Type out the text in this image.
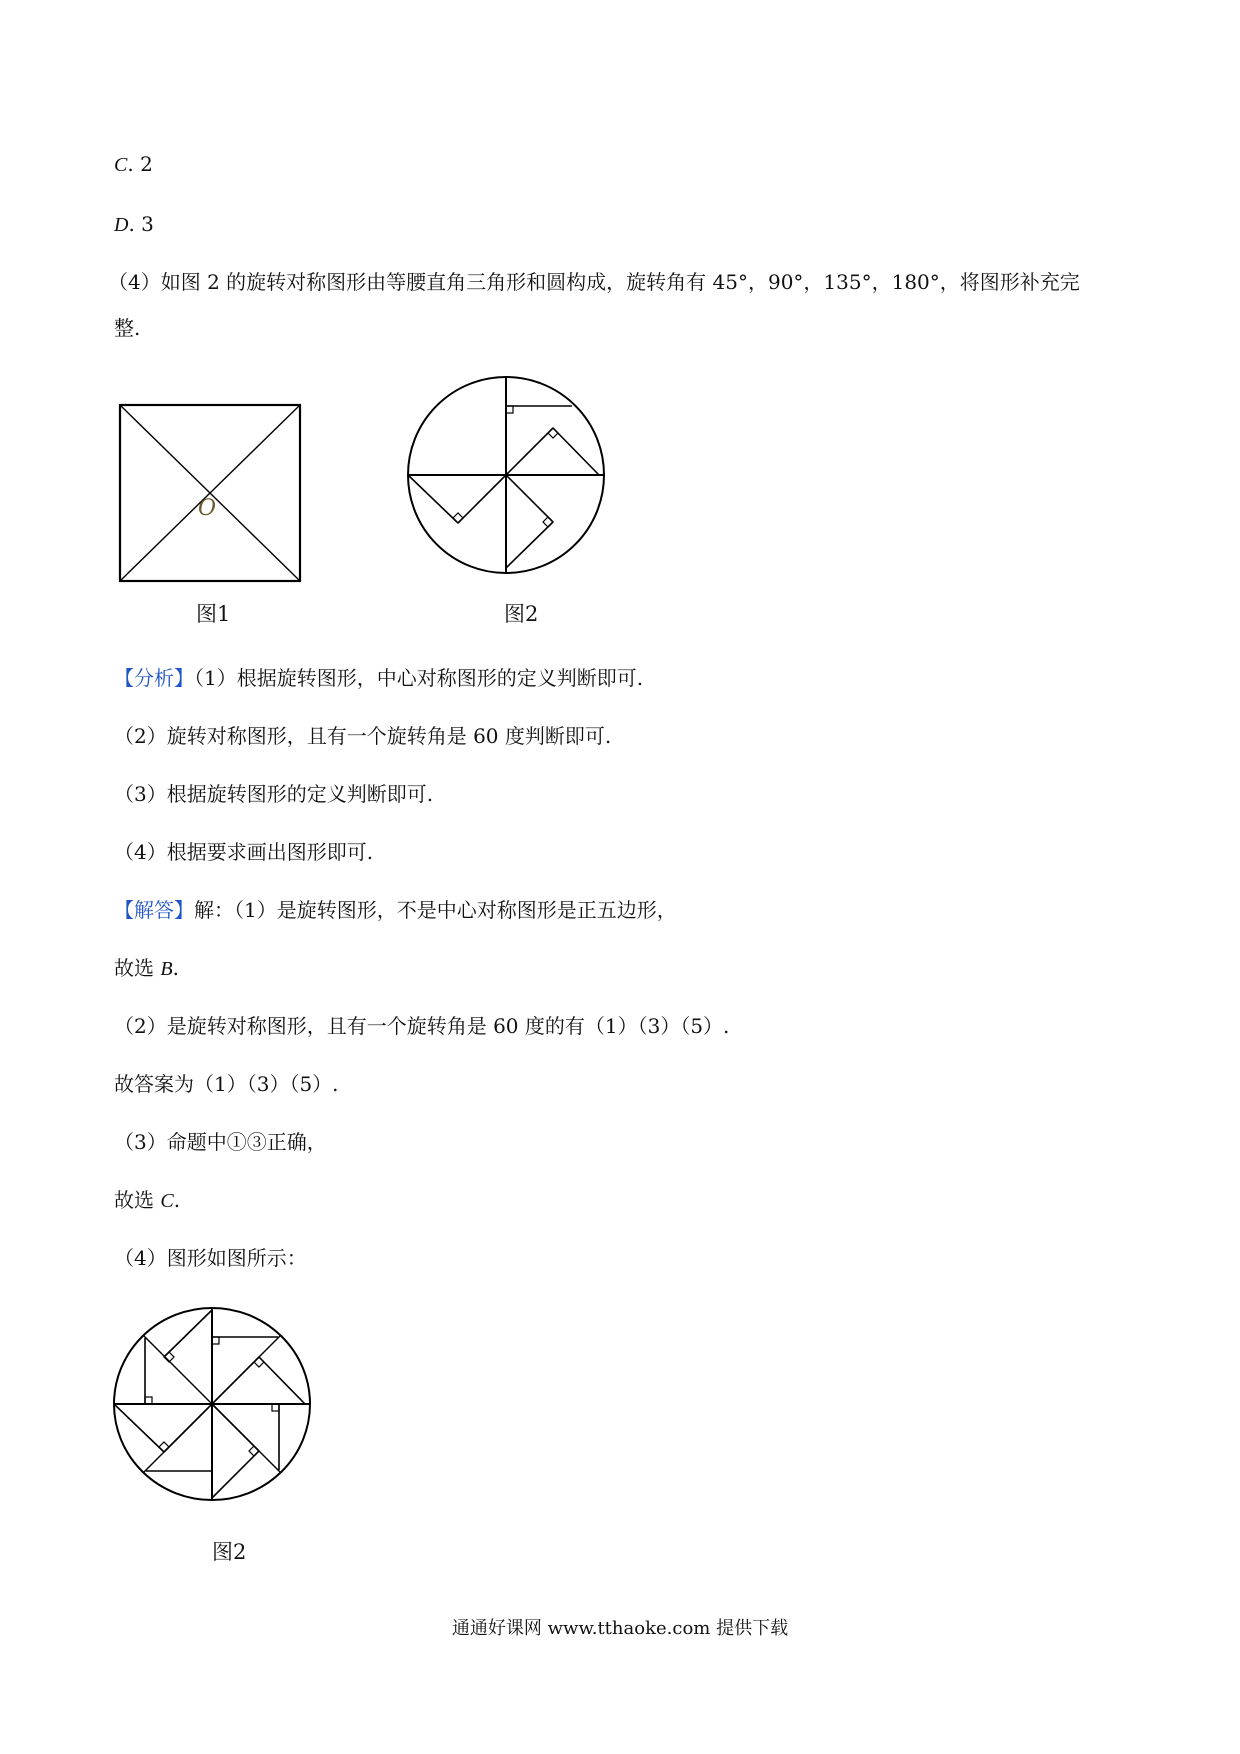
C. 2
D. 3
（4）如图 2 的旋转对称图形由等腰直角三角形和圆构成，旋转角有 45°，90°，135°，180°，将图形补充完
整.
O
图1	图2
【分析】（1）根据旋转图形，中心对称图形的定义判断即可.
（2）旋转对称图形，且有一个旋转角是 60 度判断即可.
（3）根据旋转图形的定义判断即可.
（4）根据要求画出图形即可.
【解答】解：（1）是旋转图形，不是中心对称图形是正五边形，
故选 B.
（2）是旋转对称图形，且有一个旋转角是 60 度的有（1）（3）（5）.
故答案为（1）（3）（5）.
（3）命题中①③正确，
故选 C.
（4）图形如图所示：
图2
通通好课网 www.tthaoke.com 提供下载
